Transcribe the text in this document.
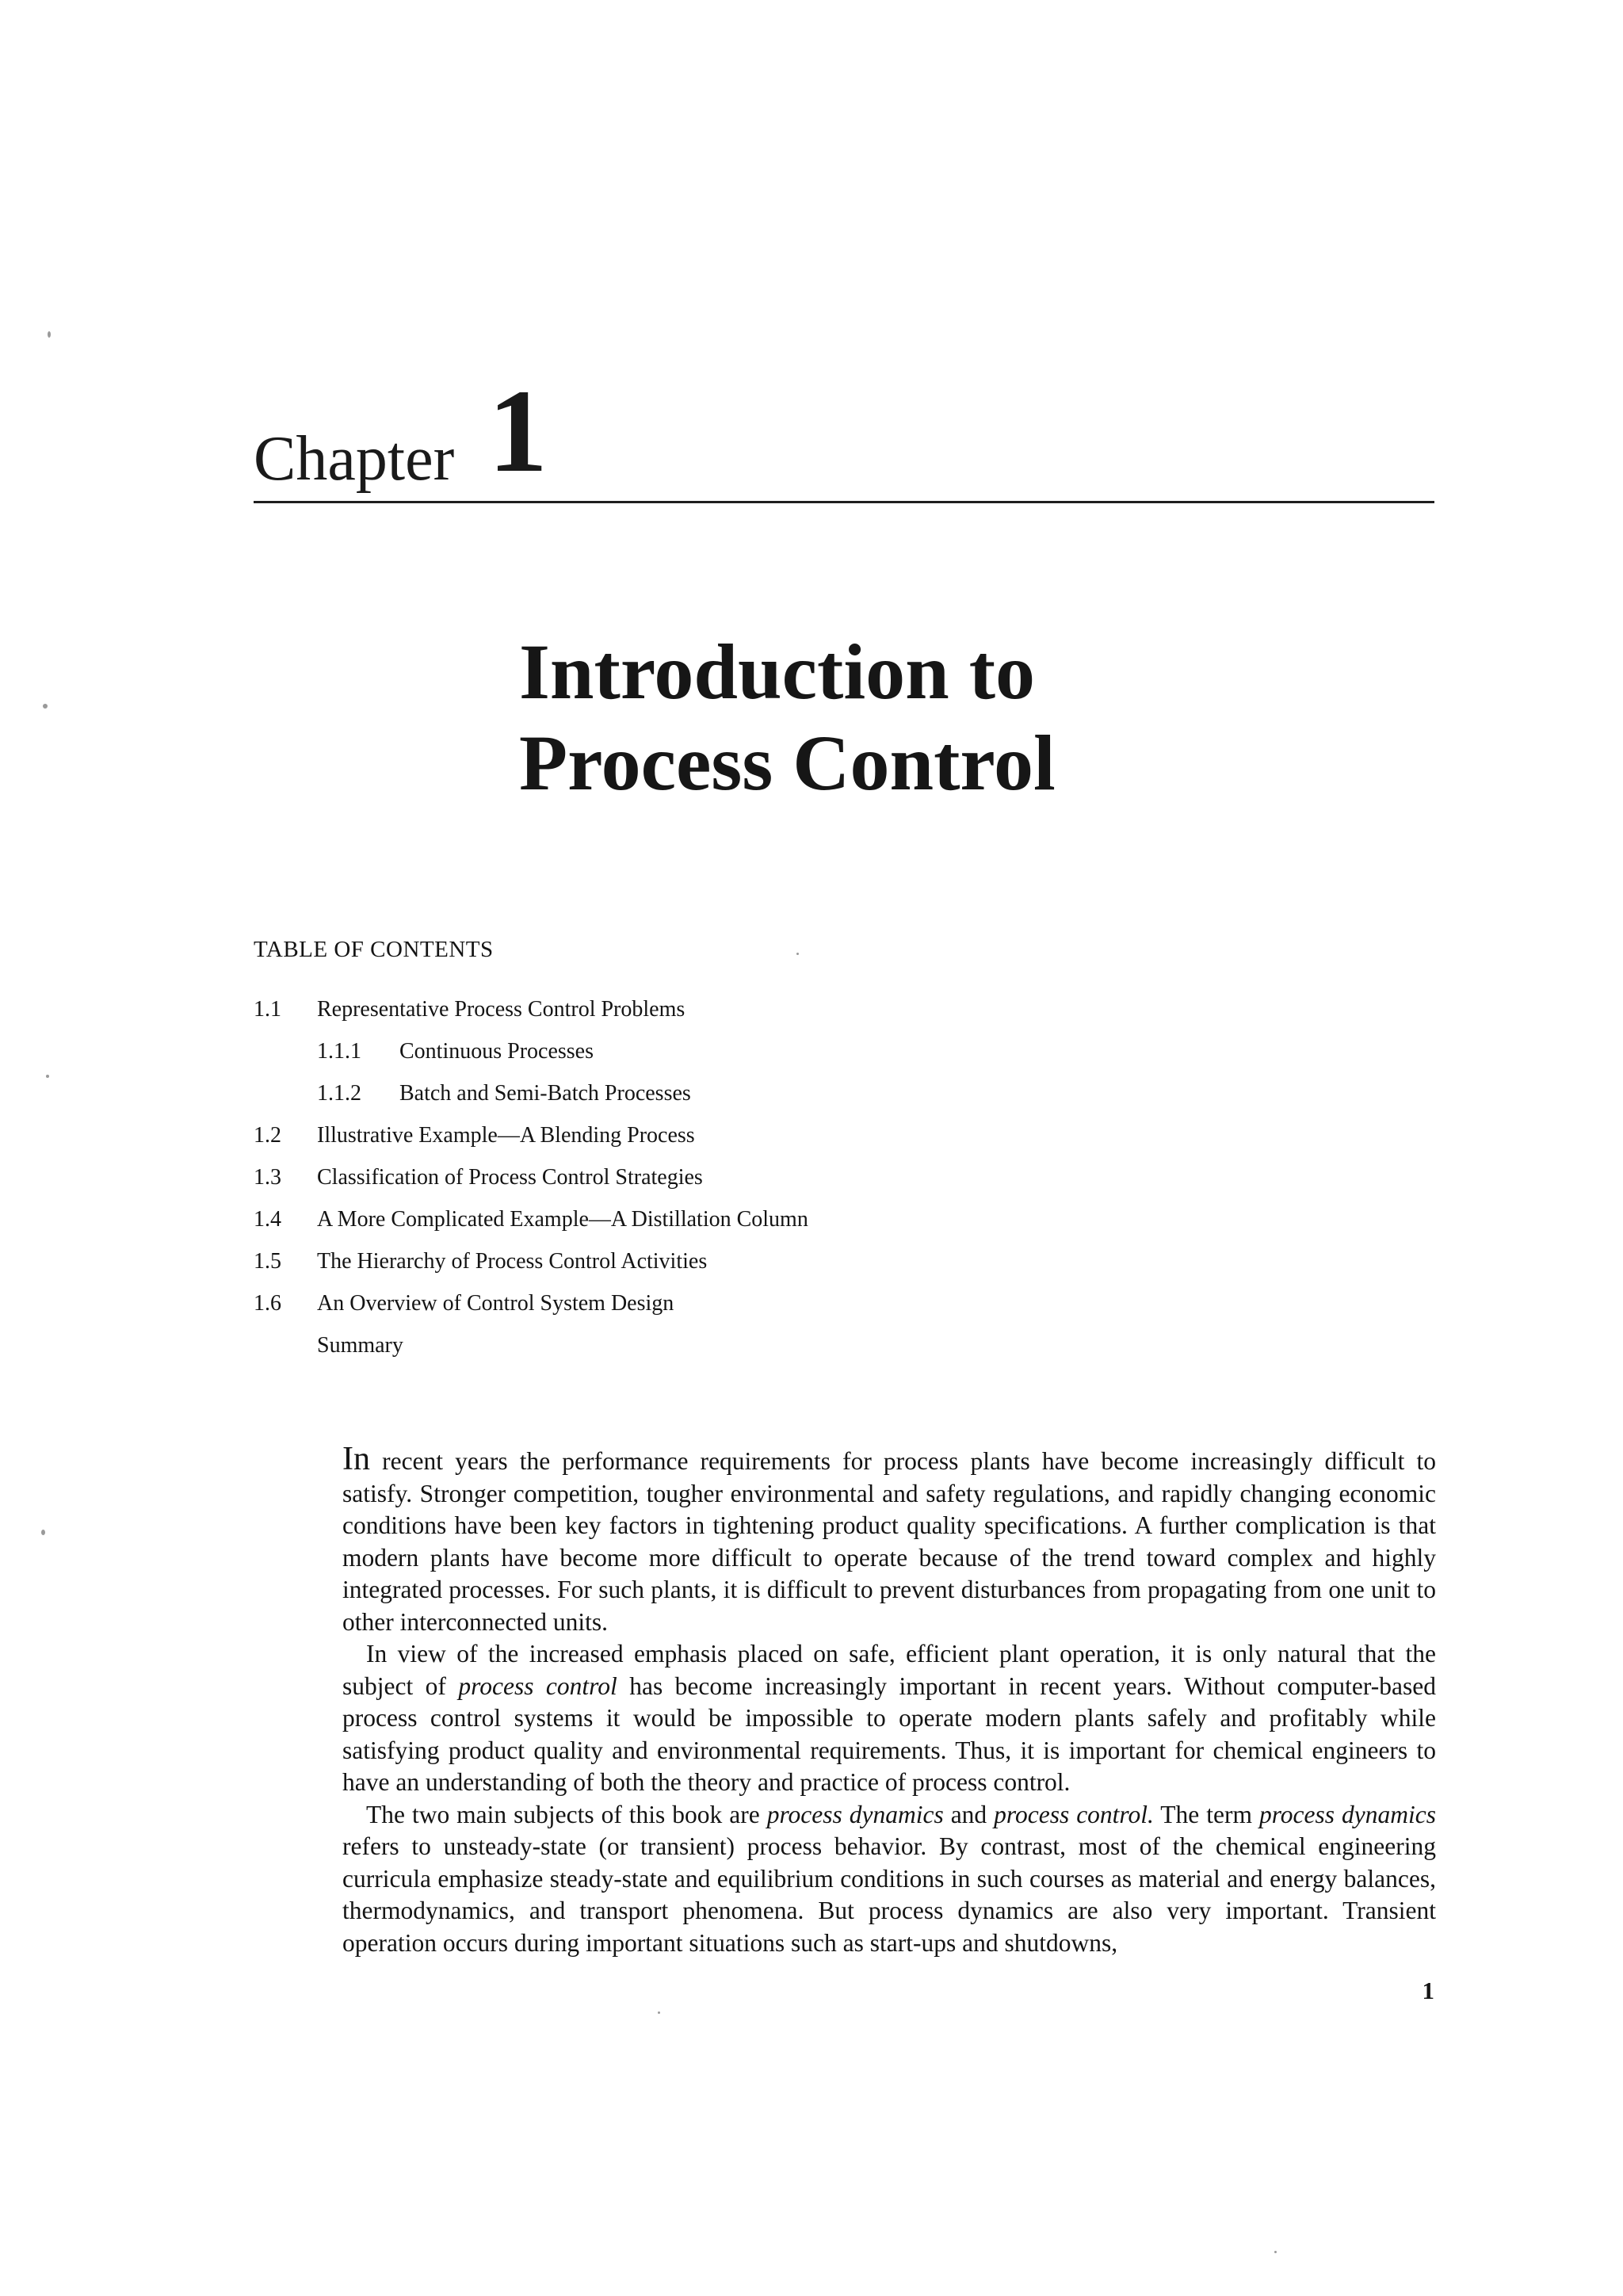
Chapter 1
Introduction to
Process Control
TABLE OF CONTENTS
1.1 Representative Process Control Problems
1.1.1 Continuous Processes
1.1.2 Batch and Semi-Batch Processes
1.2 Illustrative Example—A Blending Process
1.3 Classification of Process Control Strategies
1.4 A More Complicated Example—A Distillation Column
1.5 The Hierarchy of Process Control Activities
1.6 An Overview of Control System Design
Summary

In recent years the performance requirements for process plants have become increasingly difficult to satisfy. Stronger competition, tougher environmental and safety regulations, and rapidly changing economic conditions have been key factors in tightening product quality specifications. A further complication is that modern plants have become more difficult to operate because of the trend toward complex and highly integrated processes. For such plants, it is difficult to prevent disturbances from propagating from one unit to other interconnected units.

In view of the increased emphasis placed on safe, efficient plant operation, it is only natural that the subject of process control has become increasingly important in recent years. Without computer-based process control systems it would be impossible to operate modern plants safely and profitably while satisfying product quality and environmental requirements. Thus, it is important for chemical engineers to have an understanding of both the theory and practice of process control.

The two main subjects of this book are process dynamics and process control. The term process dynamics refers to unsteady-state (or transient) process behavior. By contrast, most of the chemical engineering curricula emphasize steady-state and equilibrium conditions in such courses as material and energy balances, thermodynamics, and transport phenomena. But process dynamics are also very important. Transient operation occurs during important situations such as start-ups and shutdowns,

1
